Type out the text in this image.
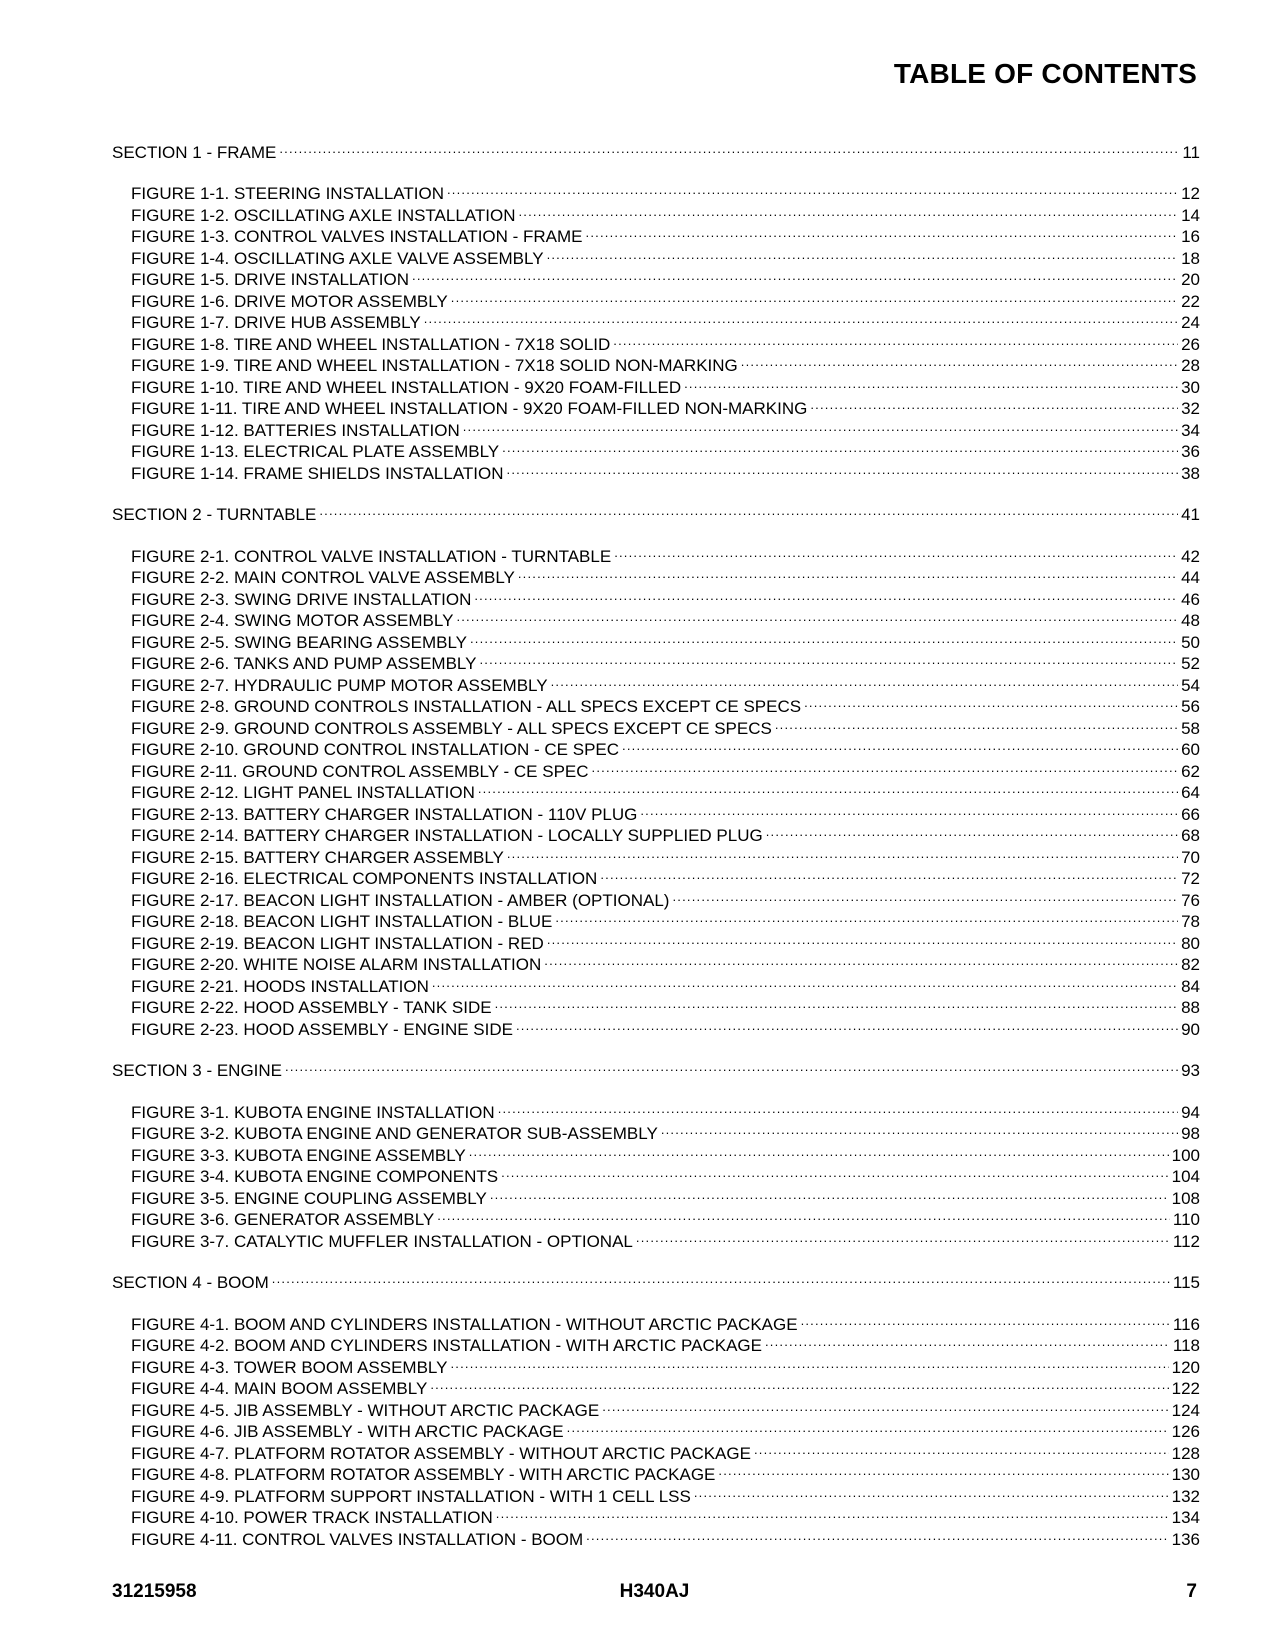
TABLE OF CONTENTS
SECTION 1 - FRAME .....	11
FIGURE 1-1. STEERING INSTALLATION .....	12
FIGURE 1-2. OSCILLATING AXLE INSTALLATION .....	14
FIGURE 1-3. CONTROL VALVES INSTALLATION - FRAME .....	16
FIGURE 1-4. OSCILLATING AXLE VALVE ASSEMBLY .....	18
FIGURE 1-5. DRIVE INSTALLATION .....	20
FIGURE 1-6. DRIVE MOTOR ASSEMBLY .....	22
FIGURE 1-7. DRIVE HUB ASSEMBLY .....	24
FIGURE 1-8. TIRE AND WHEEL INSTALLATION - 7X18 SOLID .....	26
FIGURE 1-9. TIRE AND WHEEL INSTALLATION - 7X18 SOLID NON-MARKING .....	28
FIGURE 1-10. TIRE AND WHEEL INSTALLATION - 9X20 FOAM-FILLED .....	30
FIGURE 1-11. TIRE AND WHEEL INSTALLATION - 9X20 FOAM-FILLED NON-MARKING .....	32
FIGURE 1-12. BATTERIES INSTALLATION .....	34
FIGURE 1-13. ELECTRICAL PLATE ASSEMBLY .....	36
FIGURE 1-14. FRAME SHIELDS INSTALLATION .....	38
SECTION 2 - TURNTABLE .....	41
FIGURE 2-1. CONTROL VALVE INSTALLATION - TURNTABLE .....	42
FIGURE 2-2. MAIN CONTROL VALVE ASSEMBLY .....	44
FIGURE 2-3. SWING DRIVE INSTALLATION .....	46
FIGURE 2-4. SWING MOTOR ASSEMBLY .....	48
FIGURE 2-5. SWING BEARING ASSEMBLY .....	50
FIGURE 2-6. TANKS AND PUMP ASSEMBLY .....	52
FIGURE 2-7. HYDRAULIC PUMP MOTOR ASSEMBLY .....	54
FIGURE 2-8. GROUND CONTROLS INSTALLATION - ALL SPECS EXCEPT CE SPECS .....	56
FIGURE 2-9. GROUND CONTROLS ASSEMBLY - ALL SPECS EXCEPT CE SPECS .....	58
FIGURE 2-10. GROUND CONTROL INSTALLATION - CE SPEC .....	60
FIGURE 2-11. GROUND CONTROL ASSEMBLY - CE SPEC .....	62
FIGURE 2-12. LIGHT PANEL INSTALLATION .....	64
FIGURE 2-13. BATTERY CHARGER INSTALLATION - 110V PLUG .....	66
FIGURE 2-14. BATTERY CHARGER INSTALLATION - LOCALLY SUPPLIED PLUG .....	68
FIGURE 2-15. BATTERY CHARGER ASSEMBLY .....	70
FIGURE 2-16. ELECTRICAL COMPONENTS INSTALLATION .....	72
FIGURE 2-17. BEACON LIGHT INSTALLATION - AMBER (OPTIONAL) .....	76
FIGURE 2-18. BEACON LIGHT INSTALLATION - BLUE .....	78
FIGURE 2-19. BEACON LIGHT INSTALLATION - RED .....	80
FIGURE 2-20. WHITE NOISE ALARM INSTALLATION .....	82
FIGURE 2-21. HOODS INSTALLATION .....	84
FIGURE 2-22. HOOD ASSEMBLY - TANK SIDE .....	88
FIGURE 2-23. HOOD ASSEMBLY - ENGINE SIDE .....	90
SECTION 3 - ENGINE .....	93
FIGURE 3-1. KUBOTA ENGINE INSTALLATION .....	94
FIGURE 3-2. KUBOTA ENGINE AND GENERATOR SUB-ASSEMBLY .....	98
FIGURE 3-3. KUBOTA ENGINE ASSEMBLY .....	100
FIGURE 3-4. KUBOTA ENGINE COMPONENTS .....	104
FIGURE 3-5. ENGINE COUPLING ASSEMBLY .....	108
FIGURE 3-6. GENERATOR ASSEMBLY .....	110
FIGURE 3-7. CATALYTIC MUFFLER INSTALLATION - OPTIONAL .....	112
SECTION 4 - BOOM .....	115
FIGURE 4-1. BOOM AND CYLINDERS INSTALLATION - WITHOUT ARCTIC PACKAGE .....	116
FIGURE 4-2. BOOM AND CYLINDERS INSTALLATION - WITH ARCTIC PACKAGE .....	118
FIGURE 4-3. TOWER BOOM ASSEMBLY .....	120
FIGURE 4-4. MAIN BOOM ASSEMBLY .....	122
FIGURE 4-5. JIB ASSEMBLY - WITHOUT ARCTIC PACKAGE .....	124
FIGURE 4-6. JIB ASSEMBLY - WITH ARCTIC PACKAGE .....	126
FIGURE 4-7. PLATFORM ROTATOR ASSEMBLY - WITHOUT ARCTIC PACKAGE .....	128
FIGURE 4-8. PLATFORM ROTATOR ASSEMBLY - WITH ARCTIC PACKAGE .....	130
FIGURE 4-9. PLATFORM SUPPORT INSTALLATION - WITH 1 CELL LSS .....	132
FIGURE 4-10. POWER TRACK INSTALLATION .....	134
FIGURE 4-11. CONTROL VALVES INSTALLATION - BOOM .....	136
31215958	H340AJ	7
